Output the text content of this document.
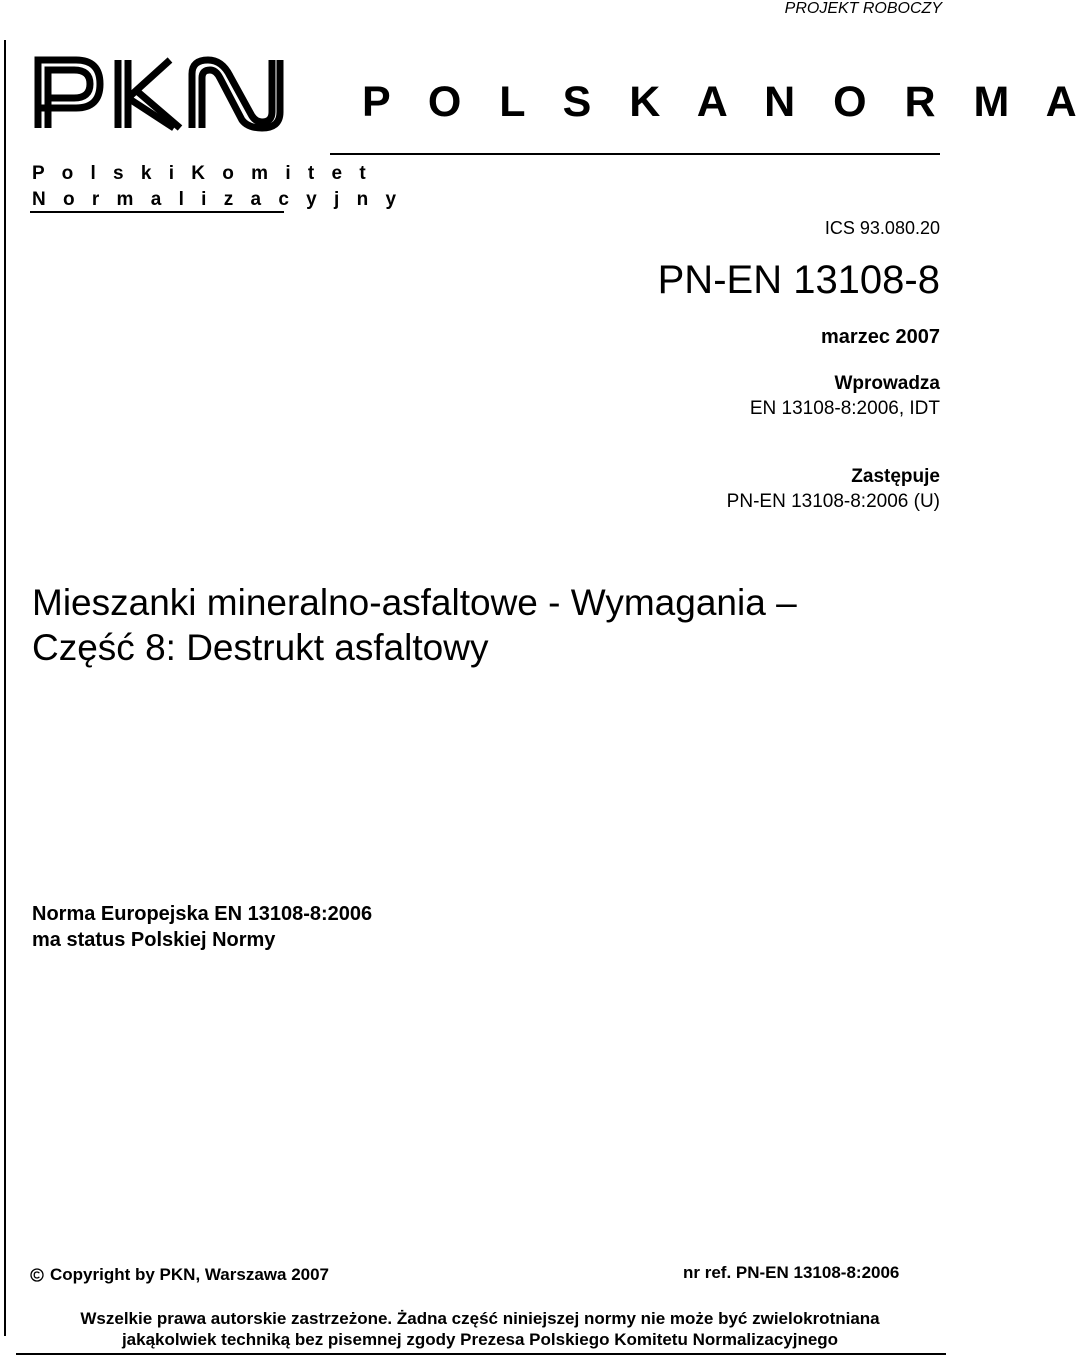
PROJEKT ROBOCZY
PKN
P o l s k i K o m i t e t
N o r m a l i z a c y j n y
P O L S K A N O R M A
ICS 93.080.20
PN-EN 13108-8
marzec 2007
Wprowadza
EN 13108-8:2006, IDT
Zastępuje
PN-EN 13108-8:2006 (U)
Mieszanki mineralno-asfaltowe - Wymagania –
Część 8: Destrukt asfaltowy
Norma Europejska EN 13108-8:2006
ma status Polskiej Normy
Copyright by PKN, Warszawa 2007	nr ref. PN-EN 13108-8:2006
Wszelkie prawa autorskie zastrzeżone. Żadna część niniejszej normy nie może być zwielokrotniana
jakąkolwiek techniką bez pisemnej zgody Prezesa Polskiego Komitetu Normalizacyjnego
